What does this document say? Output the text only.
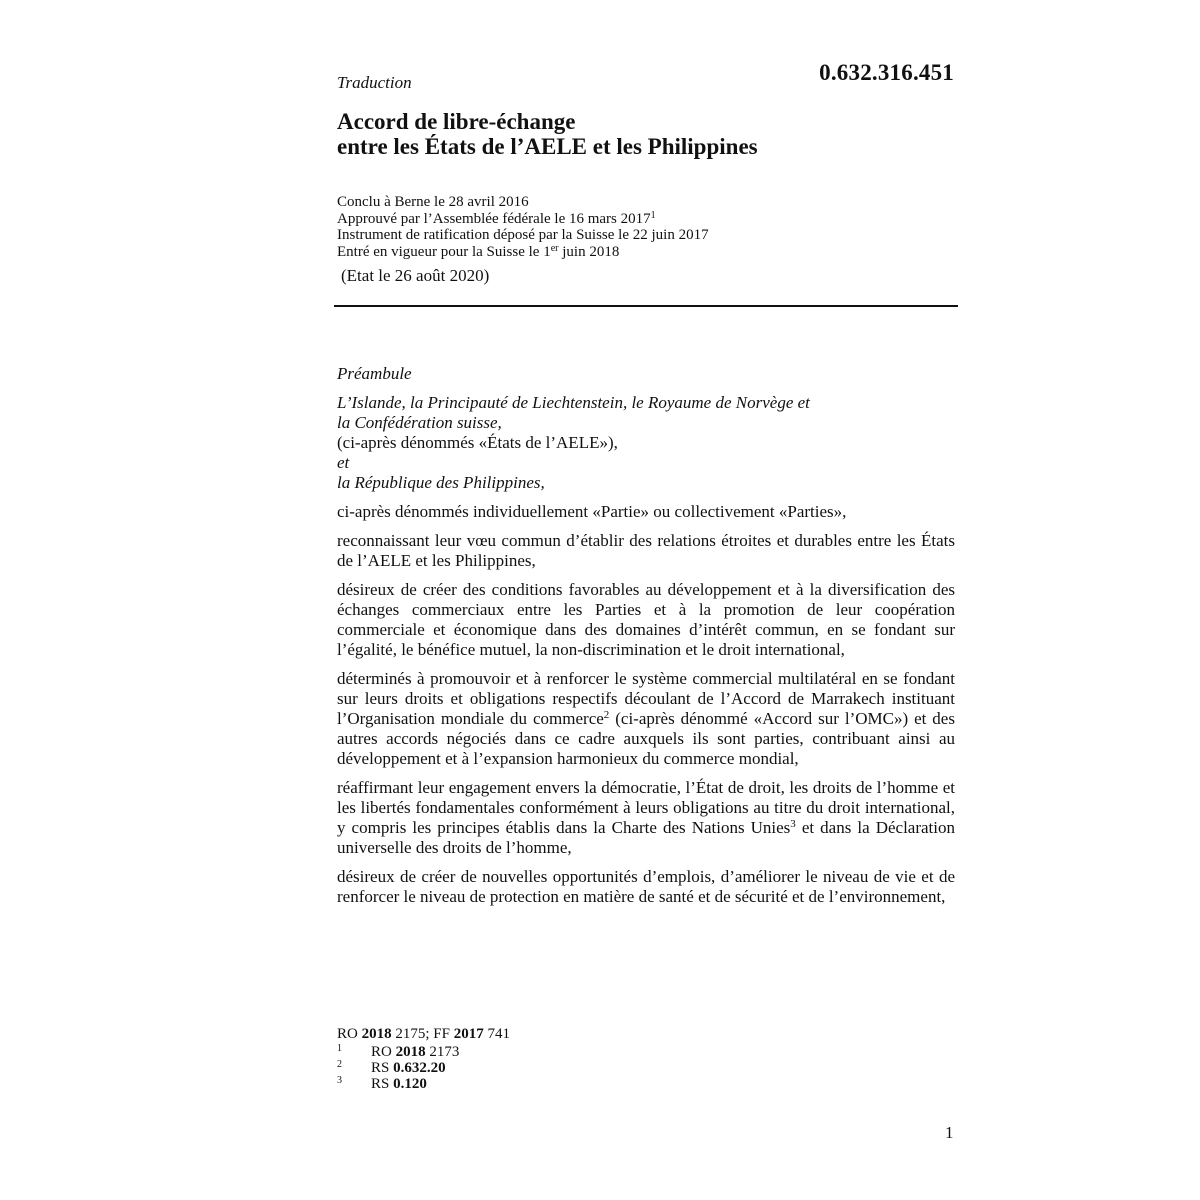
Traduction	0.632.316.451
Accord de libre-échange
entre les États de l’AELE et les Philippines
Conclu à Berne le 28 avril 2016
Approuvé par l’Assemblée fédérale le 16 mars 2017$^1$
Instrument de ratification déposé par la Suisse le 22 juin 2017
Entré en vigueur pour la Suisse le 1er juin 2018
(Etat le 26 août 2020)

Préambule

L’Islande, la Principauté de Liechtenstein, le Royaume de Norvège et
la Confédération suisse,
(ci-après dénommés «États de l’AELE»),
et

la République des Philippines,

ci-après dénommés individuellement «Partie» ou collectivement «Parties»,

reconnaissant leur vœu commun d’établir des relations étroites et durables entre les États de l’AELE et les Philippines,

désireux de créer des conditions favorables au développement et à la diversification des échanges commerciaux entre les Parties et à la promotion de leur coopération commerciale et économique dans des domaines d’intérêt commun, en se fondant sur l’égalité, le bénéfice mutuel, la non-discrimination et le droit international,

déterminés à promouvoir et à renforcer le système commercial multilatéral en se fondant sur leurs droits et obligations respectifs découlant de l’Accord de Marrakech instituant l’Organisation mondiale du commerce$^2$ (ci-après dénommé «Accord sur l’OMC») et des autres accords négociés dans ce cadre auxquels ils sont parties, contribuant ainsi au développement et à l’expansion harmonieux du commerce mondial,

réaffirmant leur engagement envers la démocratie, l’État de droit, les droits de l’homme et les libertés fondamentales conformément à leurs obligations au titre du droit international, y compris les principes établis dans la Charte des Nations Unies$^3$ et dans la Déclaration universelle des droits de l’homme,

désireux de créer de nouvelles opportunités d’emplois, d’améliorer le niveau de vie et de renforcer le niveau de protection en matière de santé et de sécurité et de l’environnement,

RO 2018 2175; FF 2017 741
1	RO 2018 2173
2	RS 0.632.20
3	RS 0.120
1
